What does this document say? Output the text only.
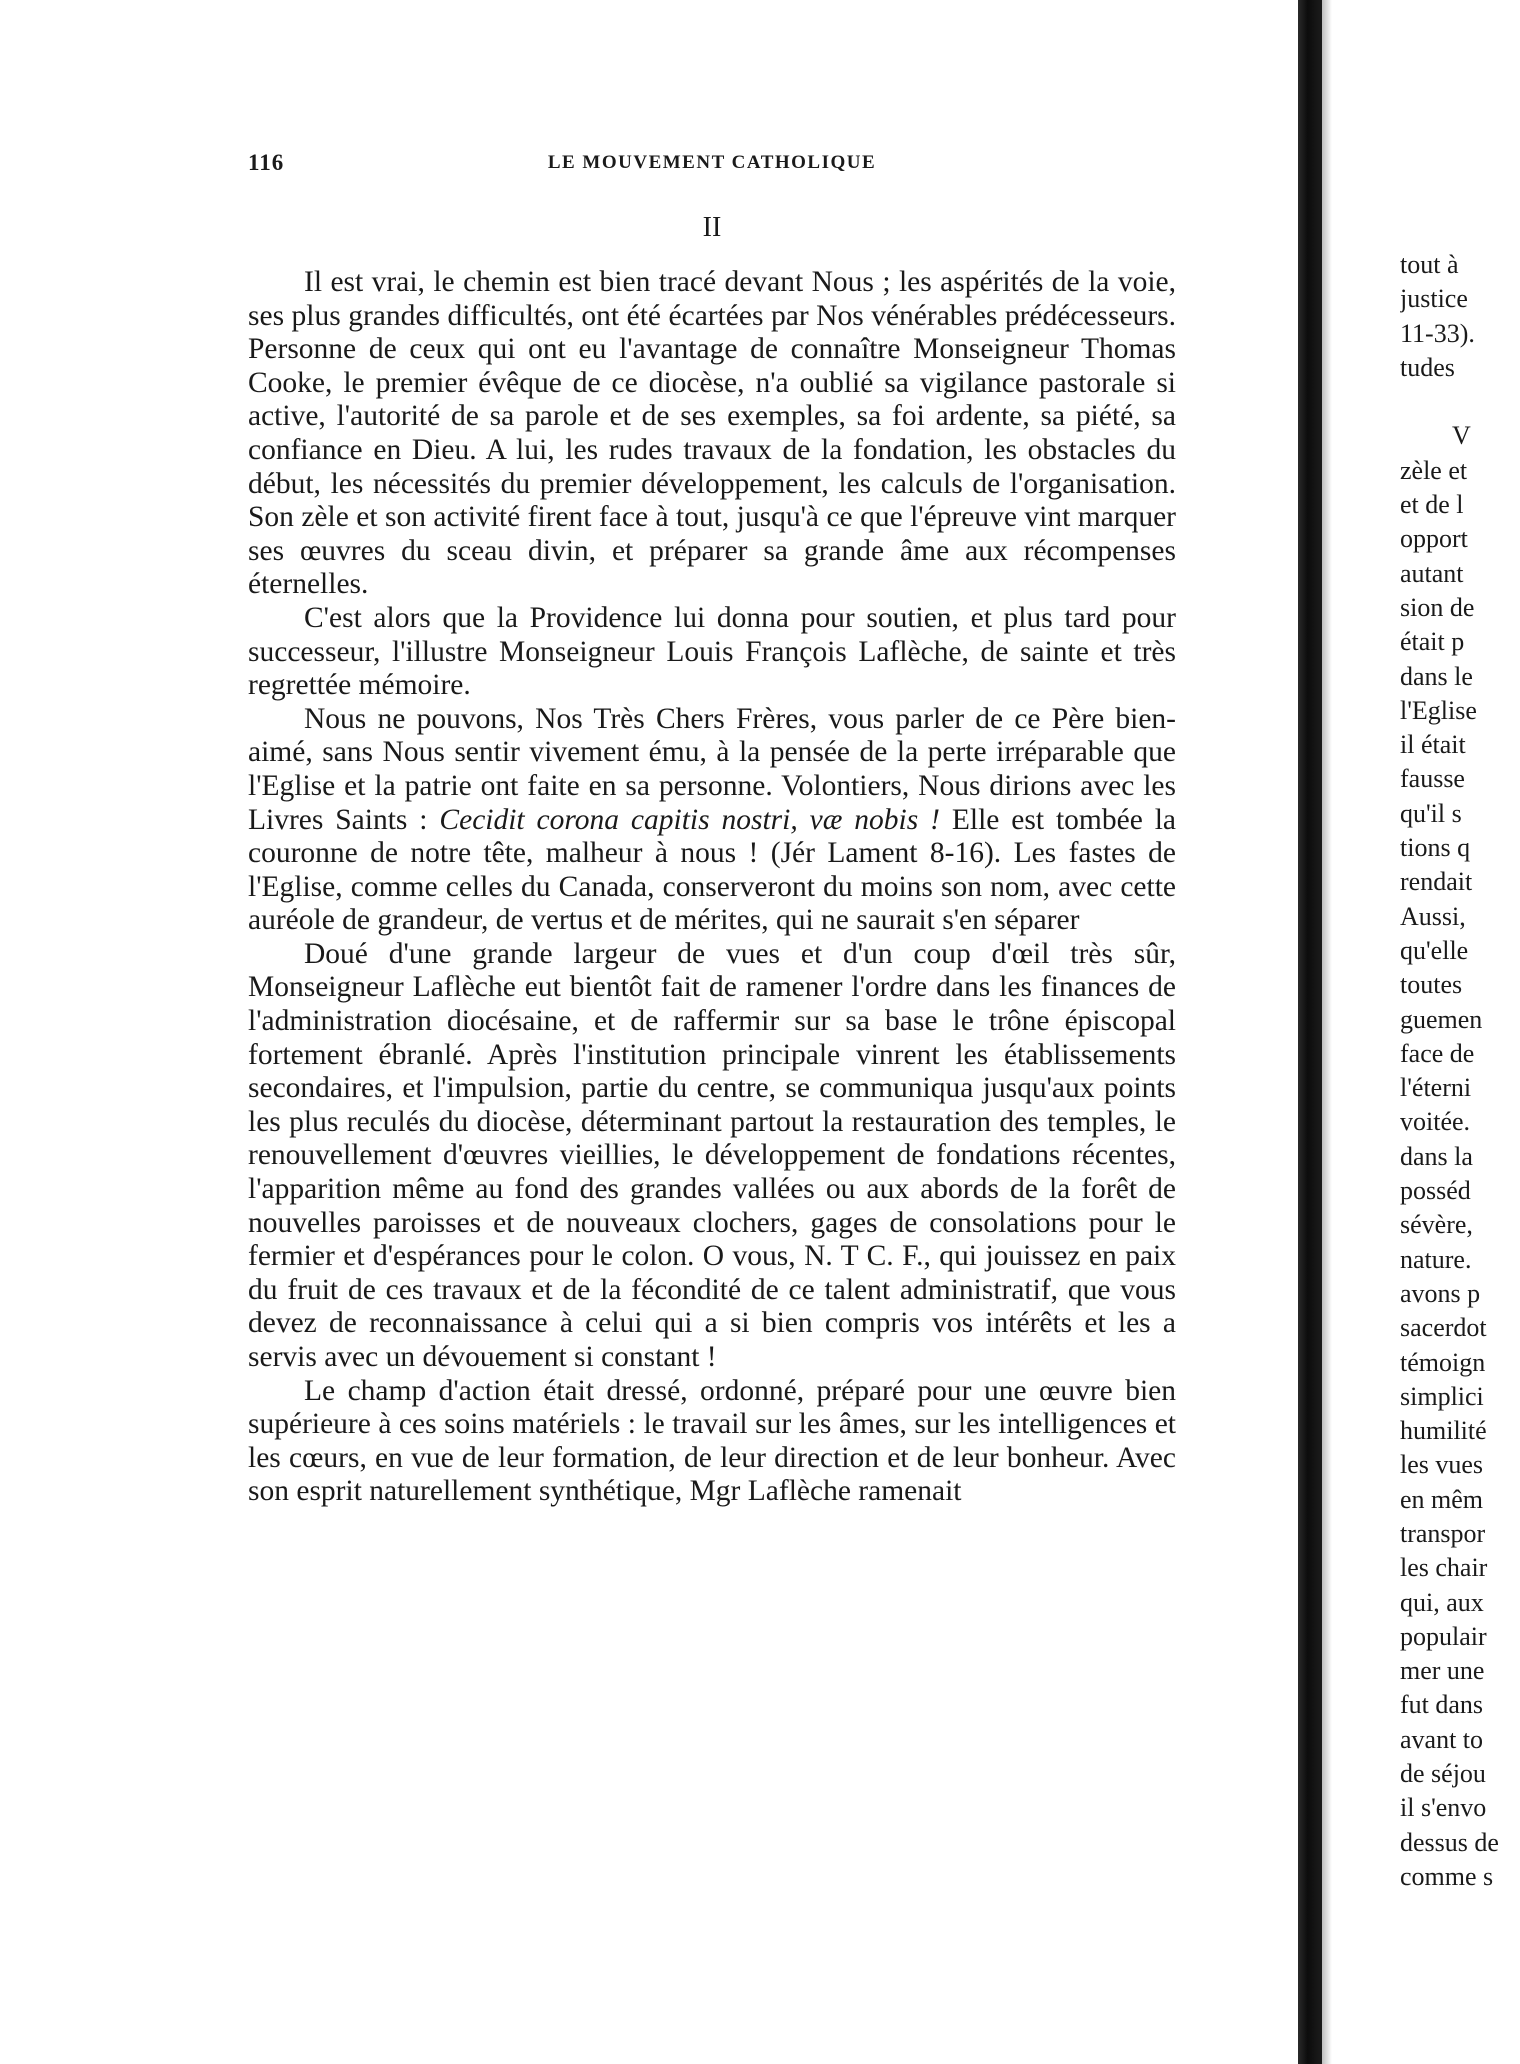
116	LE MOUVEMENT CATHOLIQUE
II

Il est vrai, le chemin est bien tracé devant Nous ; les aspérités de la voie, ses plus grandes difficultés, ont été écartées par Nos vénérables prédécesseurs. Personne de ceux qui ont eu l'avantage de connaître Monseigneur Thomas Cooke, le premier évêque de ce diocèse, n'a oublié sa vigilance pastorale si active, l'autorité de sa parole et de ses exemples, sa foi ardente, sa piété, sa confiance en Dieu. A lui, les rudes travaux de la fondation, les obstacles du début, les nécessités du premier développement, les calculs de l'organisation. Son zèle et son activité firent face à tout, jusqu'à ce que l'épreuve vint marquer ses œuvres du sceau divin, et préparer sa grande âme aux récompenses éternelles.

C'est alors que la Providence lui donna pour soutien, et plus tard pour successeur, l'illustre Monseigneur Louis François Laflèche, de sainte et très regrettée mémoire.

Nous ne pouvons, Nos Très Chers Frères, vous parler de ce Père bien-aimé, sans Nous sentir vivement ému, à la pensée de la perte irréparable que l'Eglise et la patrie ont faite en sa personne. Volontiers, Nous dirions avec les Livres Saints : Cecidit corona capitis nostri, væ nobis ! Elle est tombée la couronne de notre tête, malheur à nous ! (Jér Lament 8-16). Les fastes de l'Eglise, comme celles du Canada, conserveront du moins son nom, avec cette auréole de grandeur, de vertus et de mérites, qui ne saurait s'en séparer

Doué d'une grande largeur de vues et d'un coup d'œil très sûr, Monseigneur Laflèche eut bientôt fait de ramener l'ordre dans les finances de l'administration diocésaine, et de raffermir sur sa base le trône épiscopal fortement ébranlé. Après l'institution principale vinrent les établissements secondaires, et l'impulsion, partie du centre, se communiqua jusqu'aux points les plus reculés du diocèse, déterminant partout la restauration des temples, le renouvellement d'œuvres vieillies, le développement de fondations récentes, l'apparition même au fond des grandes vallées ou aux abords de la forêt de nouvelles paroisses et de nouveaux clochers, gages de consolations pour le fermier et d'espérances pour le colon. O vous, N. T C. F., qui jouissez en paix du fruit de ces travaux et de la fécondité de ce talent administratif, que vous devez de reconnaissance à celui qui a si bien compris vos intérêts et les a servis avec un dévouement si constant !

Le champ d'action était dressé, ordonné, préparé pour une œuvre bien supérieure à ces soins matériels : le travail sur les âmes, sur les intelligences et les cœurs, en vue de leur formation, de leur direction et de leur bonheur. Avec son esprit naturellement synthétique, Mgr Laflèche ramenait

tout à
justice
11-33).
tudes
V
zèle et
et de l
opport
autant
sion de
était p
dans le
l'Eglise
il était
fausse
qu'il s
tions q
rendait
Aussi,
qu'elle
toutes
guemen
face de
l'éterni
voitée.
dans la
posséd
sévère,
nature.
avons p
sacerdot
témoign
simplici
humilité
les vues
en mêm
transpor
les chair
qui, aux
populair
mer une
fut dans
avant to
de séjou
il s'envo
dessus de
comme s
